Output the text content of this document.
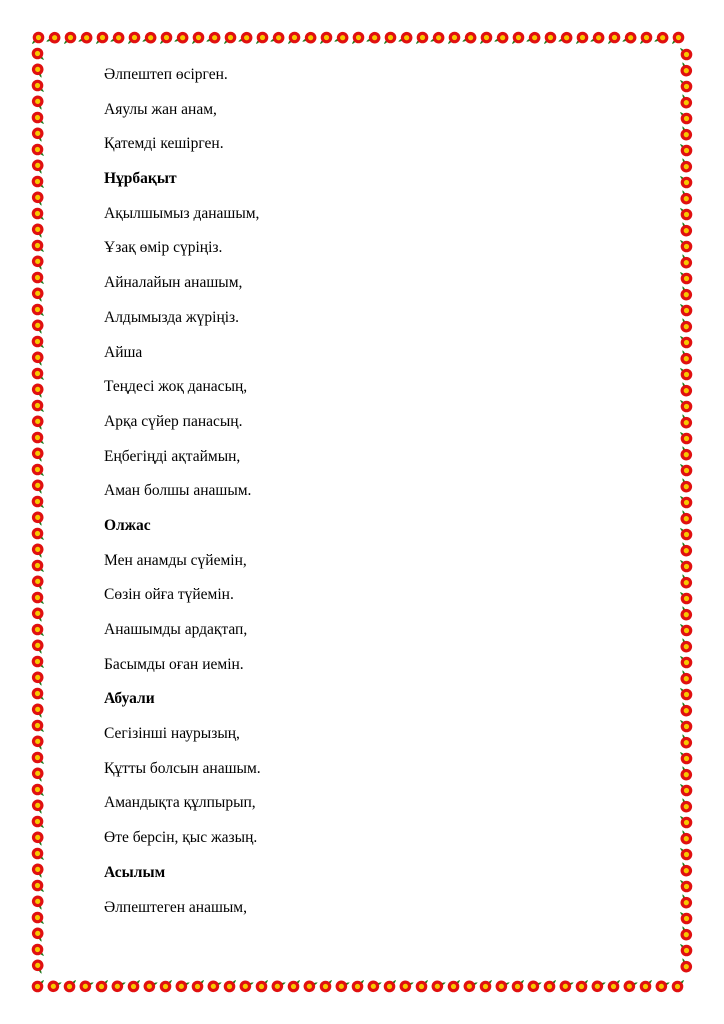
Әлпештеп өсірген.
Аяулы жан анам,
Қатемді кешірген.
Нұрбақыт
Ақылшымыз данашым,
Ұзақ өмір сүріңіз.
Айналайын анашым,
Алдымызда жүріңіз.
Айша
Теңдесі жоқ данасың,
Арқа сүйер панасың.
Еңбегіңді ақтаймын,
Аман болшы анашым.
Олжас
Мен анамды сүйемін,
Сөзін ойға түйемін.
Анашымды ардақтап,
Басымды оған иемін.
Абуали
Сегізінші наурызың,
Құтты болсын анашым.
Амандықта құлпырып,
Өте берсін, қыс жазың.
Асылым
Әлпештеген анашым,
